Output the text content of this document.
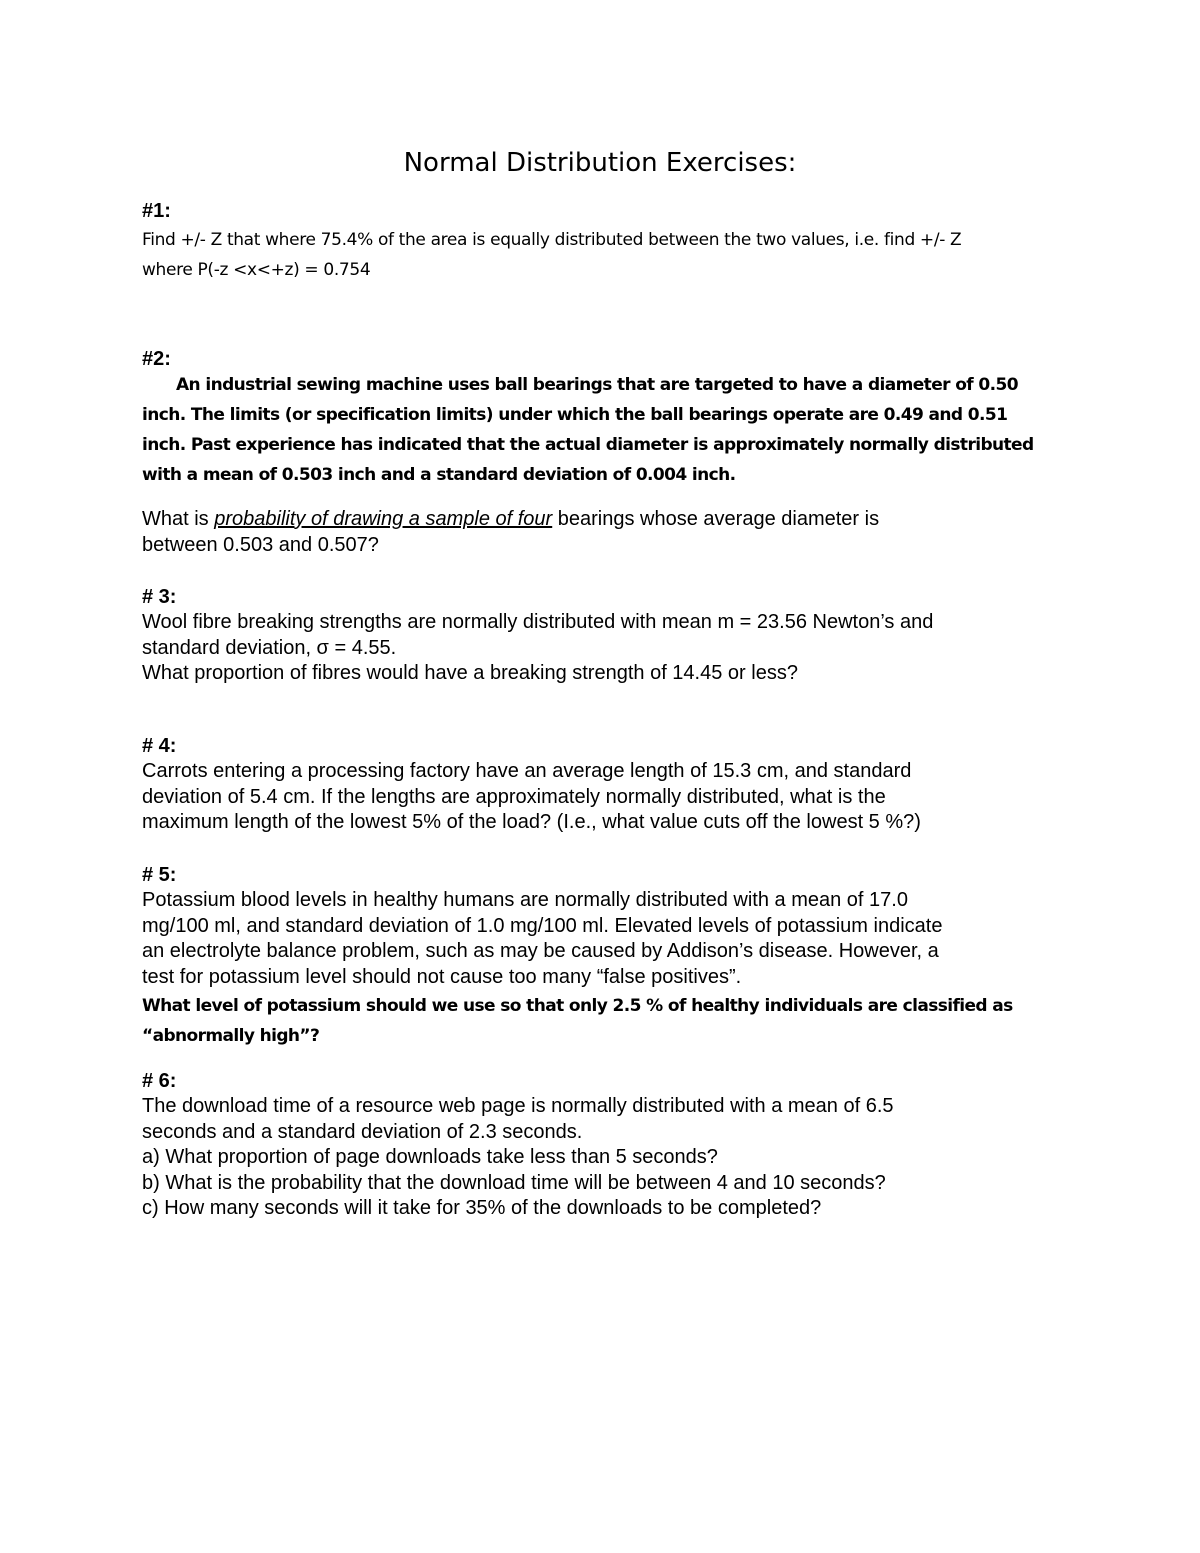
Normal Distribution Exercises:
#1:
Find +/- Z that where 75.4% of the area is equally distributed between the two values, i.e. find +/- Z
where P(-z <x<+z) = 0.754
#2:
An industrial sewing machine uses ball bearings that are targeted to have a diameter of 0.50
inch. The limits (or specification limits) under which the ball bearings operate are 0.49 and 0.51
inch. Past experience has indicated that the actual diameter is approximately normally distributed
with a mean of 0.503 inch and a standard deviation of 0.004 inch.
What is probability of drawing a sample of four bearings whose average diameter is
between 0.503 and 0.507?
# 3:
Wool fibre breaking strengths are normally distributed with mean m = 23.56 Newton’s and
standard deviation, σ = 4.55.
What proportion of fibres would have a breaking strength of 14.45 or less?
# 4:
Carrots entering a processing factory have an average length of 15.3 cm, and standard
deviation of 5.4 cm. If the lengths are approximately normally distributed, what is the
maximum length of the lowest 5% of the load? (I.e., what value cuts off the lowest 5 %?)
# 5:
Potassium blood levels in healthy humans are normally distributed with a mean of 17.0
mg/100 ml, and standard deviation of 1.0 mg/100 ml. Elevated levels of potassium indicate
an electrolyte balance problem, such as may be caused by Addison’s disease. However, a
test for potassium level should not cause too many “false positives”.
What level of potassium should we use so that only 2.5 % of healthy individuals are classified as
“abnormally high”?
# 6:
The download time of a resource web page is normally distributed with a mean of 6.5
seconds and a standard deviation of 2.3 seconds.
a) What proportion of page downloads take less than 5 seconds?
b) What is the probability that the download time will be between 4 and 10 seconds?
c) How many seconds will it take for 35% of the downloads to be completed?
